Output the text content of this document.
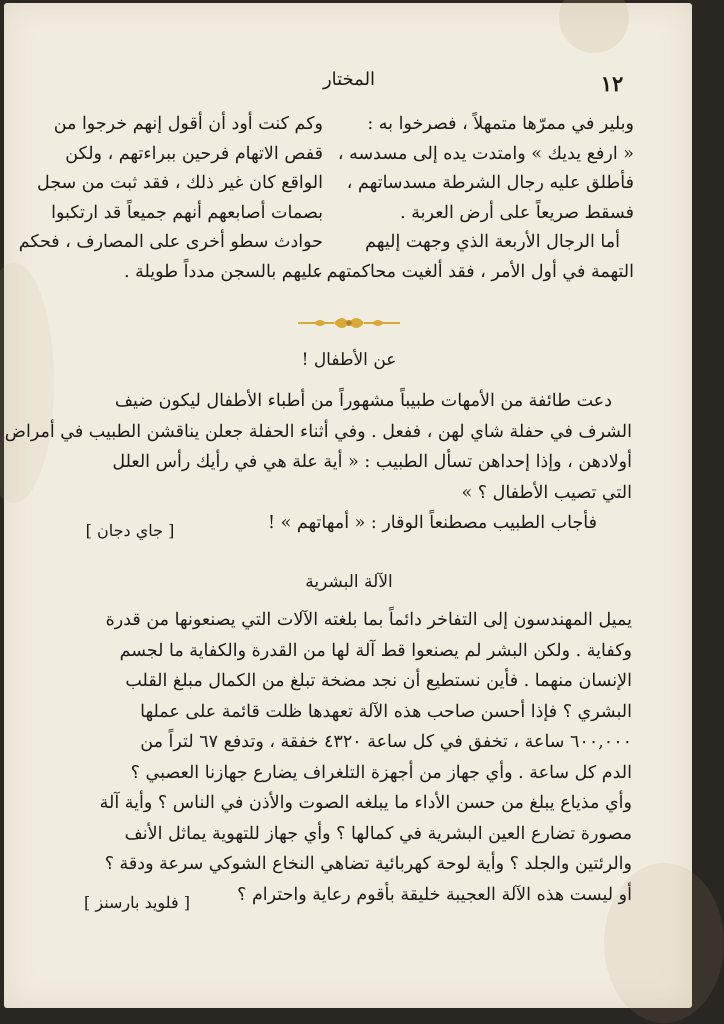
١٢
المختار
وبلير في ممرّها متمهلاً ، فصرخوا به :
« ارفع يديك » وامتدت يده إلى مسدسه ،
فأطلق عليه رجال الشرطة مسدساتهم ،
فسقط صريعاً على أرض العربة .
أما الرجال الأربعة الذي وجهت إليهم
التهمة في أول الأمر ، فقد ألغيت محاكمتهم .
وكم كنت أود أن أقول إنهم خرجوا من
قفص الاتهام فرحين ببراءتهم ، ولكن
الواقع كان غير ذلك ، فقد ثبت من سجل
بصمات أصابعهم أنهم جميعاً قد ارتكبوا
حوادث سطو أخرى على المصارف ، فحكم
عليهم بالسجن مدداً طويلة .
عن الأطفال !
دعت طائفة من الأمهات طبيباً مشهوراً من أطباء الأطفال ليكون ضيف
الشرف في حفلة شاي لهن ، ففعل . وفي أثناء الحفلة جعلن يناقشن الطبيب في أمراض
أولادهن ، وإذا إحداهن تسأل الطبيب : « أية علة هي في رأيك رأس العلل
التي تصيب الأطفال ؟ »
فأجاب الطبيب مصطنعاً الوقار : « أمهاتهم » !
[ جاي دجان ]
الآلة البشرية
يميل المهندسون إلى التفاخر دائماً بما بلغته الآلات التي يصنعونها من قدرة
وكفاية . ولكن البشر لم يصنعوا قط آلة لها من القدرة والكفاية ما لجسم
الإنسان منهما . فأين نستطيع أن نجد مضخة تبلغ من الكمال مبلغ القلب
البشري ؟ فإذا أحسن صاحب هذه الآلة تعهدها ظلت قائمة على عملها
٦٠٠,٠٠٠ ساعة ، تخفق في كل ساعة ٤٣٢٠ خفقة ، وتدفع ٦٧ لتراً من
الدم كل ساعة . وأي جهاز من أجهزة التلغراف يضارع جهازنا العصبي ؟
وأي مذياع يبلغ من حسن الأداء ما يبلغه الصوت والأذن في الناس ؟ وأية آلة
مصورة تضارع العين البشرية في كمالها ؟ وأي جهاز للتهوية يماثل الأنف
والرئتين والجلد ؟ وأية لوحة كهربائية تضاهي النخاع الشوكي سرعة ودقة ؟
أو ليست هذه الآلة العجيبة خليقة بأقوم رعاية واحترام ؟
[ فلويد بارسنز ]
